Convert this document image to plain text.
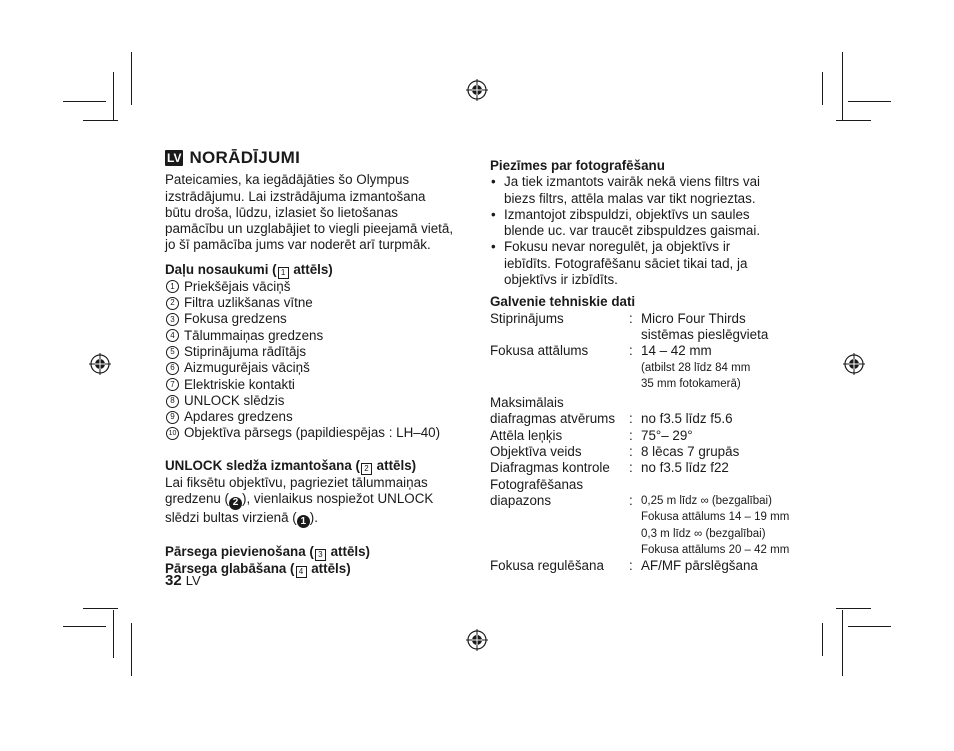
LV NORĀDĪJUMI
Pateicamies, ka iegādājāties šo Olympus
izstrādājumu. Lai izstrādājuma izmantošana
būtu droša, lūdzu, izlasiet šo lietošanas
pamācību un uzglabājiet to viegli pieejamā vietā,
jo šī pamācība jums var noderēt arī turpmāk.
Daļu nosaukumi ( 1 attēls)
1 Priekšējais vāciņš
2 Filtra uzlikšanas vītne
3 Fokusa gredzens
4 Tālummaiņas gredzens
5 Stiprinājuma rādītājs
6 Aizmugurējais vāciņš
7 Elektriskie kontakti
8 UNLOCK slēdzis
9 Apdares gredzens
10 Objektīva pārsegs (papildiespējas : LH–40)
UNLOCK sledža izmantošana ( 2 attēls)
Lai fiksētu objektīvu, pagrieziet tālummaiņas
gredzenu ( 2 ), vienlaikus nospiežot UNLOCK
slēdzi bultas virzienā ( 1 ).
Pārsega pievienošana ( 3 attēls)
Pārsega glabāšana ( 4 attēls)
32 LV
Piezīmes par fotografēšanu
• Ja tiek izmantots vairāk nekā viens filtrs vai
biezs filtrs, attēla malas var tikt nogrieztas.
• Izmantojot zibspuldzi, objektīvs un saules
blende uc. var traucēt zibspuldzes gaismai.
• Fokusu nevar noregulēt, ja objektīvs ir
iebīdīts. Fotografēšanu sāciet tikai tad, ja
objektīvs ir izbīdīts.
Galvenie tehniskie dati
Stiprinājums	: Micro Four Thirds
sistēmas pieslēgvieta
Fokusa attālums	: 14 – 42 mm
(atbilst 28 līdz 84 mm
35 mm fotokamerā)
Maksimālais
diafragmas atvērums	: no f3.5 līdz f5.6
Attēla leņķis	: 75°– 29°
Objektīva veids	: 8 lēcas 7 grupās
Diafragmas kontrole	: no f3.5 līdz f22
Fotografēšanas
diapazons	: 0,25 m līdz ∞ (bezgalībai)
Fokusa attālums 14 – 19 mm
0,3 m līdz ∞ (bezgalībai)
Fokusa attālums 20 – 42 mm
Fokusa regulēšana	: AF/MF pārslēgšana
